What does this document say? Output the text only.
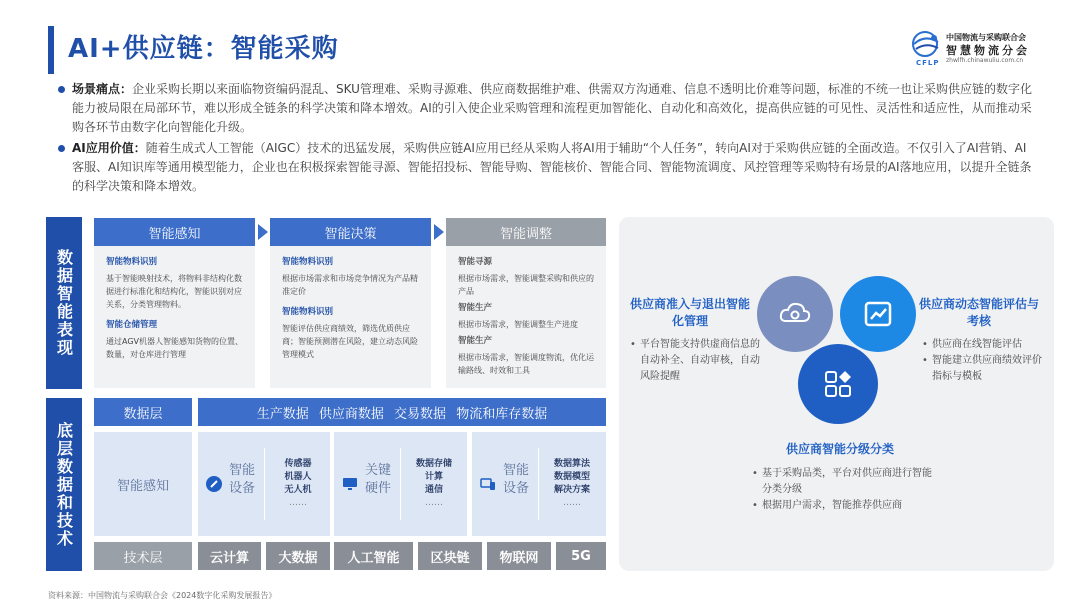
AI+供应链：智能采购	CFLP
中国物流与采购联合会
智慧物流分会
zhwlfh.chinawuliu.com.cn
场景痛点：企业采购长期以来面临物资编码混乱、SKU管理难、采购寻源难、供应商数据维护难、供需双方沟通难、信息不透明比价难等问题，标准的不统一也让采购供应链的数字化能力被局限在局部环节，难以形成全链条的科学决策和降本增效。AI的引入使企业采购管理和流程更加智能化、自动化和高效化，提高供应链的可见性、灵活性和适应性，从而推动采购各环节由数字化向智能化升级。
AI应用价值：随着生成式人工智能（AIGC）技术的迅猛发展，采购供应链AI应用已经从采购人将AI用于辅助“个人任务”，转向AI对于采购供应链的全面改造。不仅引入了AI营销、AI客服、AI知识库等通用模型能力，企业也在积极探索智能寻源、智能招投标、智能导购、智能核价、智能合同、智能物流调度、风控管理等采购特有场景的AI落地应用，以提升全链条的科学决策和降本增效。
数据智能表现
底层数据和技术
智能感知	智能决策	智能调整
智能物料识别
基于智能映射技术，将物料非结构化数据进行标准化和结构化，智能识别对应关系，分类管理物料。
智能仓储管理
通过AGV机器人智能感知货物的位置、数量，对仓库进行管理
智能物料识别
根据市场需求和市场竞争情况为产品精准定价
智能物料识别
智能评估供应商绩效，筛选优质供应商；智能预测潜在风险，建立动态风险管理模式
智能寻源
根据市场需求，智能调整采购和供应的产品
智能生产
根据市场需求，智能调整生产进度
智能生产
根据市场需求，智能调度物流，优化运输路线、时效和工具
数据层	生产数据 供应商数据 交易数据 物流和库存数据
智能感知
智能设备
传感器
机器人
无人机
……
关键硬件
数据存储
计算
通信
……
智能设备
数据算法
数据模型
解决方案
……
技术层	云计算	大数据	人工智能	区块链	物联网	5G
供应商准入与退出智能化管理
• 平台智能支持供虚商信息的自动补全、自动审核，自动风险提醒
供应商动态智能评估与考核
• 供应商在线智能评估
• 智能建立供应商绩效评价指标与模板
供应商智能分级分类
• 基于采购品类，平台对供应商进行智能分类分级
• 根据用户需求，智能推荐供应商
资料来源：中国物流与采购联合会《2024数字化采购发展报告》
